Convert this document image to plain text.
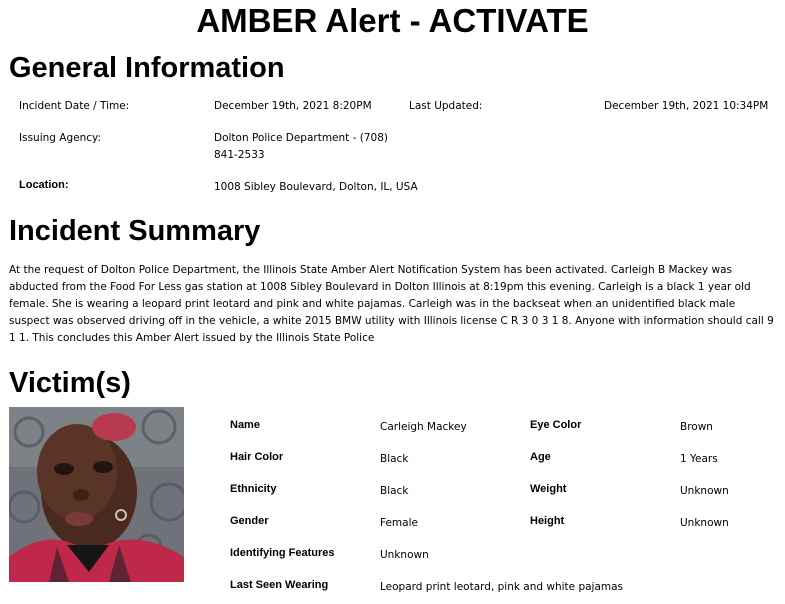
AMBER Alert - ACTIVATE
General Information

Incident Date / Time:	December 19th, 2021 8:20PM	Last Updated:	December 19th, 2021 10:34PM

Issuing Agency:	Dolton Police Department - (708)

841-2533

Location:	1008 Sibley Boulevard, Dolton, IL, USA

Incident Summary

At the request of Dolton Police Department, the Illinois State Amber Alert Notification System has been activated. Carleigh B Mackey was abducted from the Food For Less gas station at 1008 Sibley Boulevard in Dolton Illinois at 8:19pm this evening. Carleigh is a black 1 year old female. She is wearing a leopard print leotard and pink and white pajamas. Carleigh was in the backseat when an unidentified black male suspect was observed driving off in the vehicle, a white 2015 BMW utility with Illinois license C R 3 0 3 1 8. Anyone with information should call 9 1 1. This concludes this Amber Alert issued by the Illinois State Police

Victim(s)

Name	Carleigh Mackey	Eye Color	Brown

Hair Color	Black	Age	1 Years

Ethnicity	Black	Weight	Unknown

Gender	Female	Height	Unknown

Identifying Features	Unknown

Last Seen Wearing	Leopard print leotard, pink and white pajamas
